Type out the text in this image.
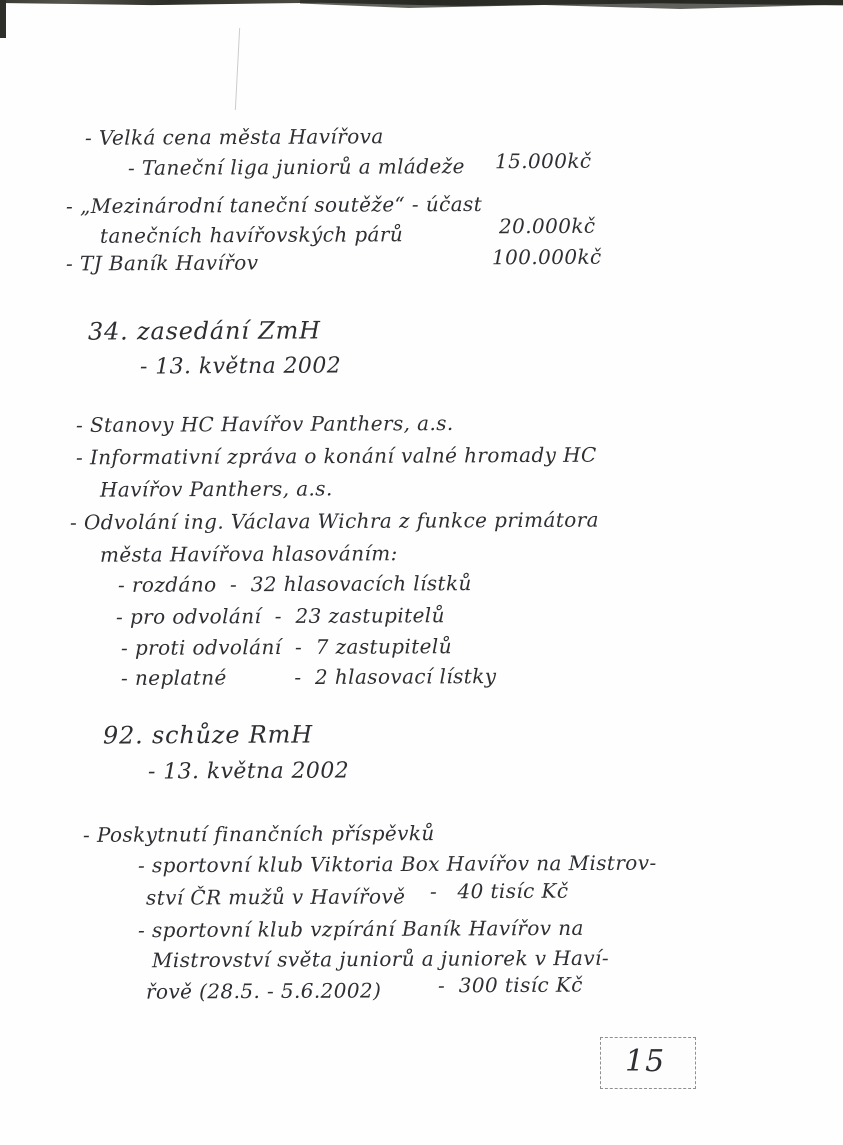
- Velká cena města Havířova
- Taneční liga juniorů a mládeže 15.000kč
- „Mezinárodní taneční soutěže“ - účast
tanečních havířovských párů	20.000kč
- TJ Baník Havířov	100.000kč
34. zasedání ZmH
- 13. května 2002
- Stanovy HC Havířov Panthers, a.s.
- Informativní zpráva o konání valné hromady HC
Havířov Panthers, a.s.
- Odvolání ing. Václava Wichra z funkce primátora
města Havířova hlasováním:
- rozdáno  -  32 hlasovacích lístků
- pro odvolání  -  23 zastupitelů
- proti odvolání  -  7 zastupitelů
- neplatné          -  2 hlasovací lístky
92. schůze RmH
- 13. května 2002
- Poskytnutí finančních příspěvků
- sportovní klub Viktoria Box Havířov na Mistrov-
ství ČR mužů v Havířově -   40 tisíc Kč
- sportovní klub vzpírání Baník Havířov na
Mistrovství světa juniorů a juniorek v Haví-
řově (28.5. - 5.6.2002)	-  300 tisíc Kč
15
